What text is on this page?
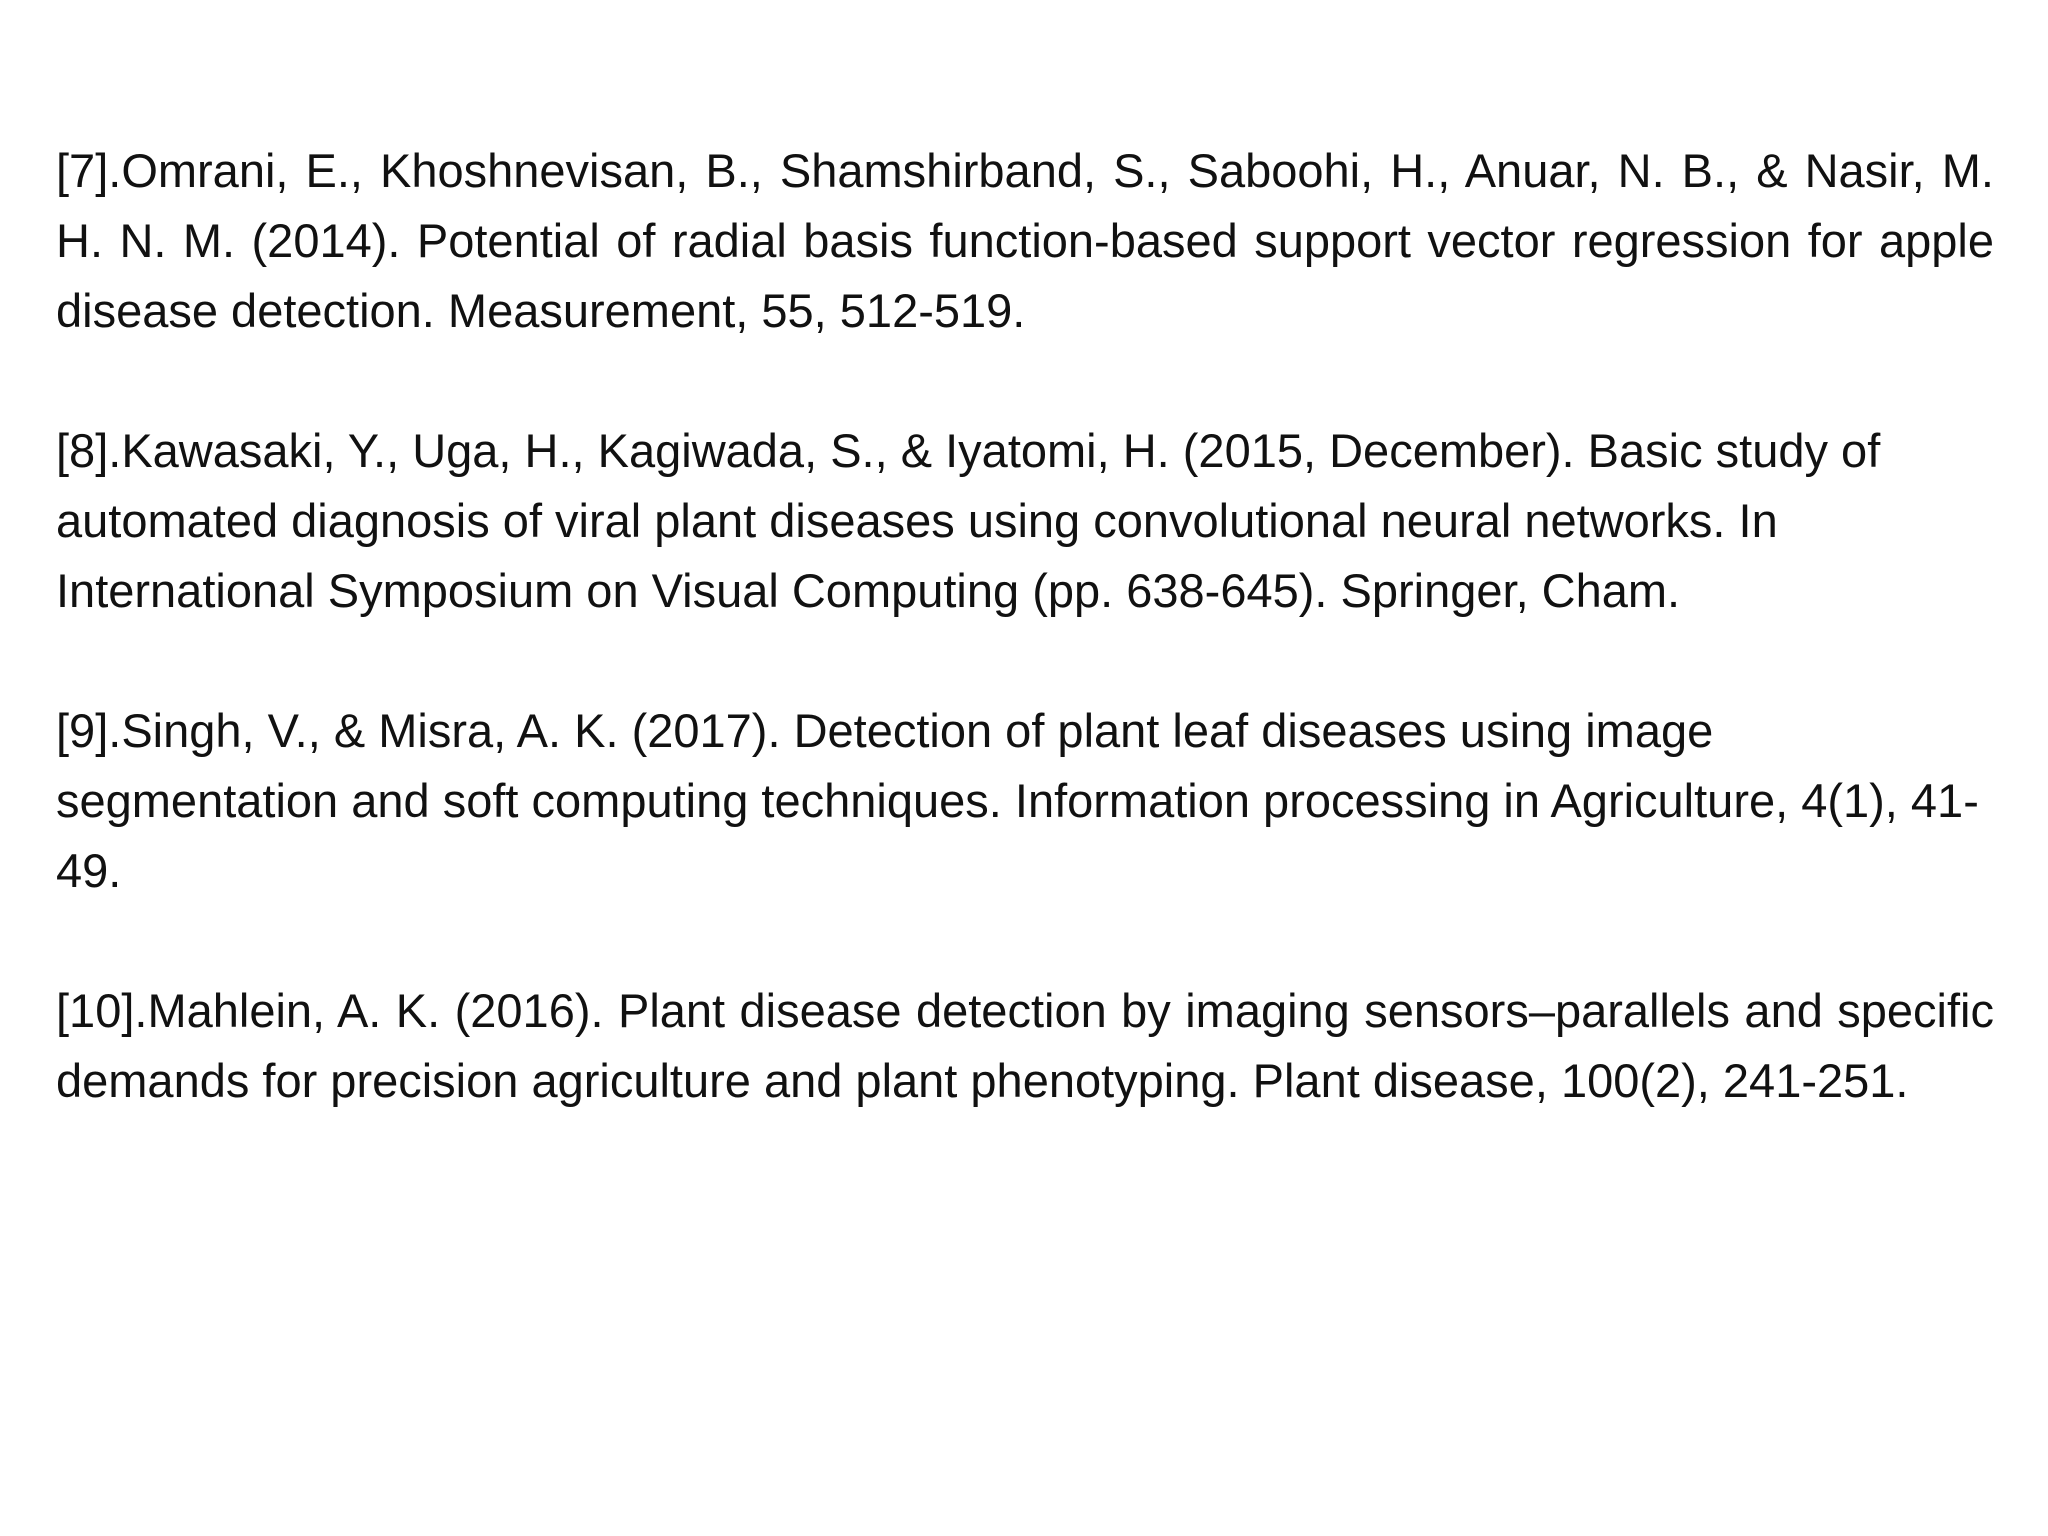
[7].Omrani, E., Khoshnevisan, B., Shamshirband, S., Saboohi, H., Anuar, N. B., & Nasir, M. H. N. M. (2014). Potential of radial basis function-based support vector regression for apple disease detection. Measurement, 55, 512-519.

[8].Kawasaki, Y., Uga, H., Kagiwada, S., & Iyatomi, H. (2015, December). Basic study of automated diagnosis of viral plant diseases using convolutional neural networks. In International Symposium on Visual Computing (pp. 638-645). Springer, Cham.

[9].Singh, V., & Misra, A. K. (2017). Detection of plant leaf diseases using image segmentation and soft computing techniques. Information processing in Agriculture, 4(1), 41-49.

[10].Mahlein, A. K. (2016). Plant disease detection by imaging sensors–parallels and specific demands for precision agriculture and plant phenotyping. Plant disease, 100(2), 241-251.
